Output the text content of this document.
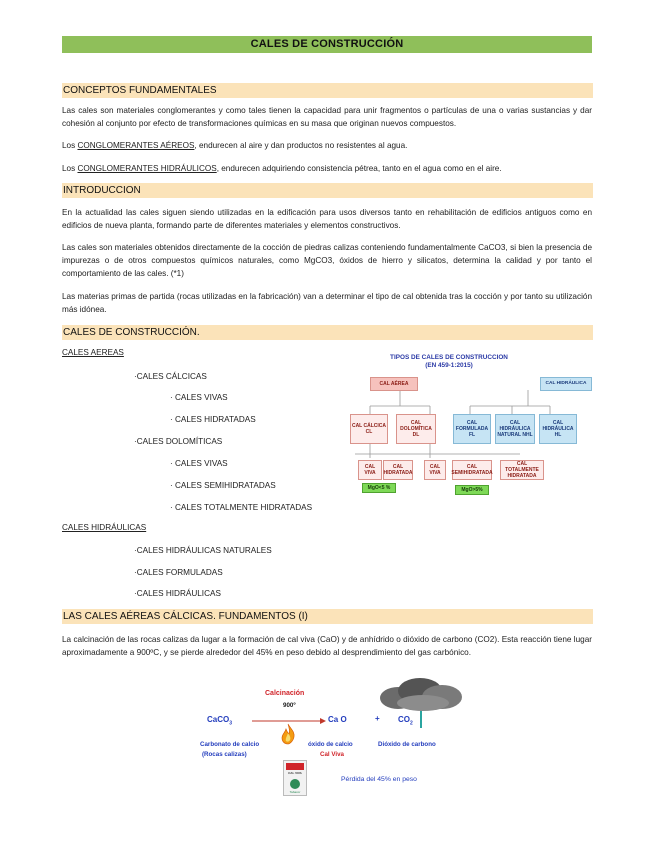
CALES DE CONSTRUCCIÓN
CONCEPTOS FUNDAMENTALES
Las cales son materiales conglomerantes y como tales tienen la capacidad para unir fragmentos o partículas de una o varias sustancias y dar cohesión al conjunto por efecto de transformaciones químicas en su masa que originan nuevos compuestos.
Los CONGLOMERANTES AÉREOS, endurecen al aire y dan productos no resistentes al agua.
Los CONGLOMERANTES HIDRÁULICOS, endurecen adquiriendo consistencia pétrea, tanto en el agua como en el aire.
INTRODUCCION
En la actualidad las cales siguen siendo utilizadas en la edificación para usos diversos tanto en rehabilitación de edificios antiguos como en edificios de nueva planta, formando parte de diferentes materiales y elementos constructivos.
Las cales son materiales obtenidos directamente de la cocción de piedras calizas conteniendo fundamentalmente CaCO3, si bien la presencia de impurezas o de otros compuestos químicos naturales, como MgCO3, óxidos de hierro y silicatos, determina la calidad y por tanto el comportamiento de las cales. (*1)
Las materias primas de partida (rocas utilizadas en la fabricación) van a determinar el tipo de cal obtenida tras la cocción y por tanto su utilización más idónea.
CALES DE CONSTRUCCIÓN.
CALES AEREAS
·CALES CÁLCICAS
· CALES VIVAS
· CALES HIDRATADAS
·CALES DOLOMÍTICAS
· CALES VIVAS
· CALES SEMIHIDRATADAS
· CALES TOTALMENTE HIDRATADAS
CALES HIDRÁULICAS
·CALES HIDRÁULICAS NATURALES
·CALES FORMULADAS
·CALES HIDRÁULICAS
TIPOS DE CALES DE CONSTRUCCION
(EN 459-1:2015)
CAL AÉREA	CAL HIDRÁULICA
CAL CÁLCICA CL
CAL DOLOMÍTICA DL
CAL FORMULADA FL
CAL HIDRÁULICA NATURAL NHL
CAL HIDRÁULICA HL
CAL VIVA
CAL HIDRATADA
CAL VIVA
CAL SEMIHIDRATADA
CAL TOTALMENTE HIDRATADA
MgO<5 %	MgO>5%
LAS CALES AÉREAS CÁLCICAS. FUNDAMENTOS (I)
La calcinación de las rocas calizas da lugar a la formación de cal viva (CaO) y de anhídrido o dióxido de carbono (CO2). Esta reacción tiene lugar aproximadamente a 900ºC, y se pierde alrededor del 45% en peso debido al desprendimiento del gas carbónico.
Calcinación
900º
CaCO$_3$	Ca O	+ $CO_2$
Carbonato de calcio
(Rocas calizas)
óxido de calcio
Cal Viva
Dióxido de carbono
CAL VIVA
Tabacor
Pérdida del 45% en peso
